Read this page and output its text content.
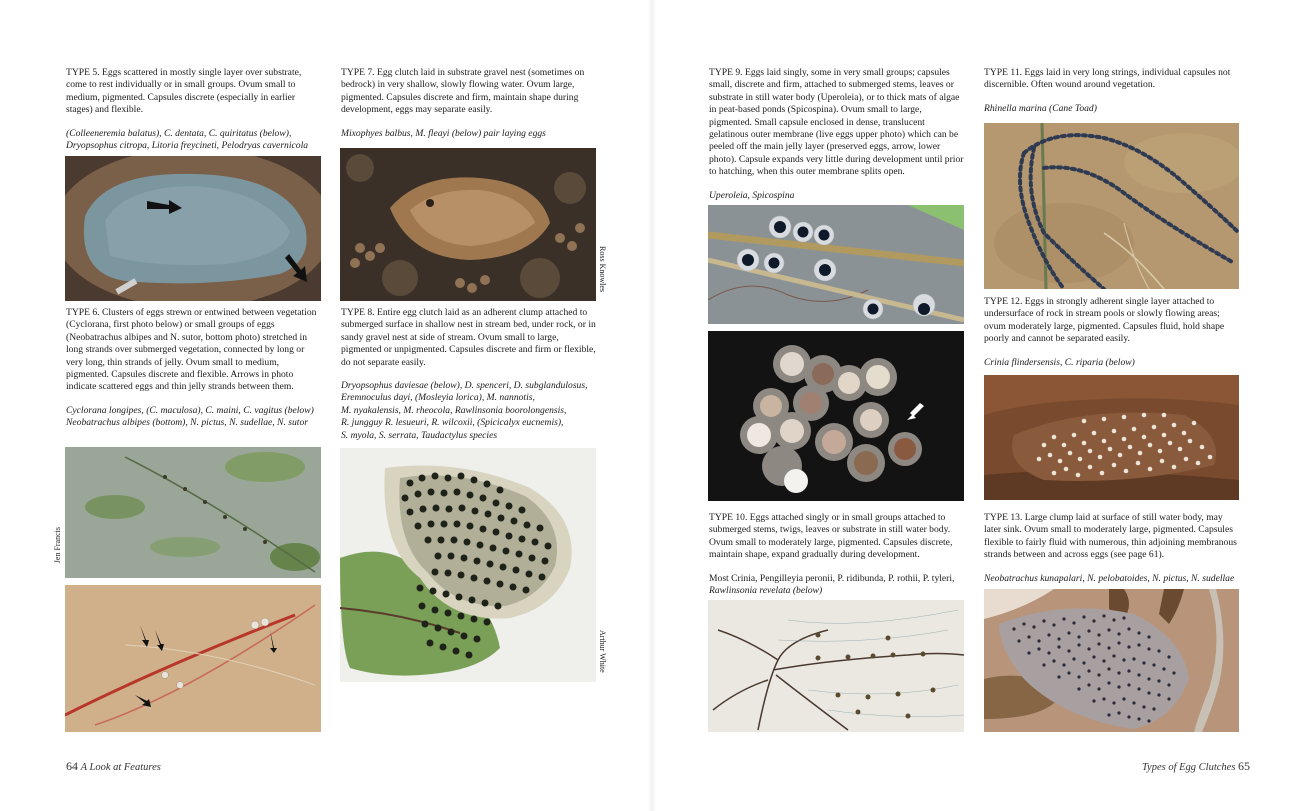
TYPE 5. Eggs scattered in mostly single layer over substrate, come to rest individually or in small groups. Ovum small to medium, pigmented. Capsules discrete (especially in earlier stages) and flexible.

(Colleeneremia balatus), C. dentata, C. quiritatus (below),
Dryopsophus citropa, Litoria freycineti, Pelodryas cavernicola

TYPE 6. Clusters of eggs strewn or entwined between vegetation (Cyclorana, first photo below) or small groups of eggs (Neobatrachus albipes and N. sutor, bottom photo) stretched in long strands over submerged vegetation, connected by long or very long, thin strands of jelly. Ovum small to medium, pigmented. Capsules discrete and flexible. Arrows in photo indicate scattered eggs and thin jelly strands between them.

Cyclorana longipes, (C. maculosa), C. maini, C. vagitus (below)
Neobatrachus albipes (bottom), N. pictus, N. sudellae, N. sutor

Jen Francis

TYPE 7. Egg clutch laid in substrate gravel nest (sometimes on bedrock) in very shallow, slowly flowing water. Ovum large, pigmented. Capsules discrete and firm, maintain shape during development, eggs may separate easily.

Mixophyes balbus, M. fleayi (below) pair laying eggs

Ross Knowles

TYPE 8. Entire egg clutch laid as an adherent clump attached to submerged surface in shallow nest in stream bed, under rock, or in sandy gravel nest at side of stream. Ovum small to large, pigmented or unpigmented. Capsules discrete and firm or flexible, do not separate easily.

Dryopsophus daviesae (below), D. spenceri, D. subglandulosus,
Eremnoculus dayi, (Mosleyia lorica), M. nannotis,
M. nyakalensis, M. rheocola, Rawlinsonia boorolongensis,
R. jungguy R. lesueuri, R. wilcoxii, (Spicicalyx eucnemis),
S. myola, S. serrata, Taudactylus species

Arthur White
64 A Look at Features

TYPE 9. Eggs laid singly, some in very small groups; capsules small, discrete and firm, attached to submerged stems, leaves or substrate in still water body (Uperoleia), or to thick mats of algae in peat-based ponds (Spicospina). Ovum small to large, pigmented. Small capsule enclosed in dense, translucent gelatinous outer membrane (live eggs upper photo) which can be peeled off the main jelly layer (preserved eggs, arrow, lower photo). Capsule expands very little during development until prior to hatching, when this outer membrane splits open.

Uperoleia, Spicospina

TYPE 10. Eggs attached singly or in small groups attached to submerged stems, twigs, leaves or substrate in still water body. Ovum small to moderately large, pigmented. Capsules discrete, maintain shape, expand gradually during development.

Most Crinia, Pengilleyia peronii, P. ridibunda, P. rothii, P. tyleri,
Rawlinsonia revelata (below)

TYPE 11. Eggs laid in very long strings, individual capsules not discernible. Often wound around vegetation.

Rhinella marina (Cane Toad)

TYPE 12. Eggs in strongly adherent single layer attached to undersurface of rock in stream pools or slowly flowing areas; ovum moderately large, pigmented. Capsules fluid, hold shape poorly and cannot be separated easily.

Crinia flindersensis, C. riparia (below)

TYPE 13. Large clump laid at surface of still water body, may later sink. Ovum small to moderately large, pigmented. Capsules flexible to fairly fluid with numerous, thin adjoining membranous strands between and across eggs (see page 61).

Neobatrachus kunapalari, N. pelobatoides, N. pictus, N. sudellae

Types of Egg Clutches 65
